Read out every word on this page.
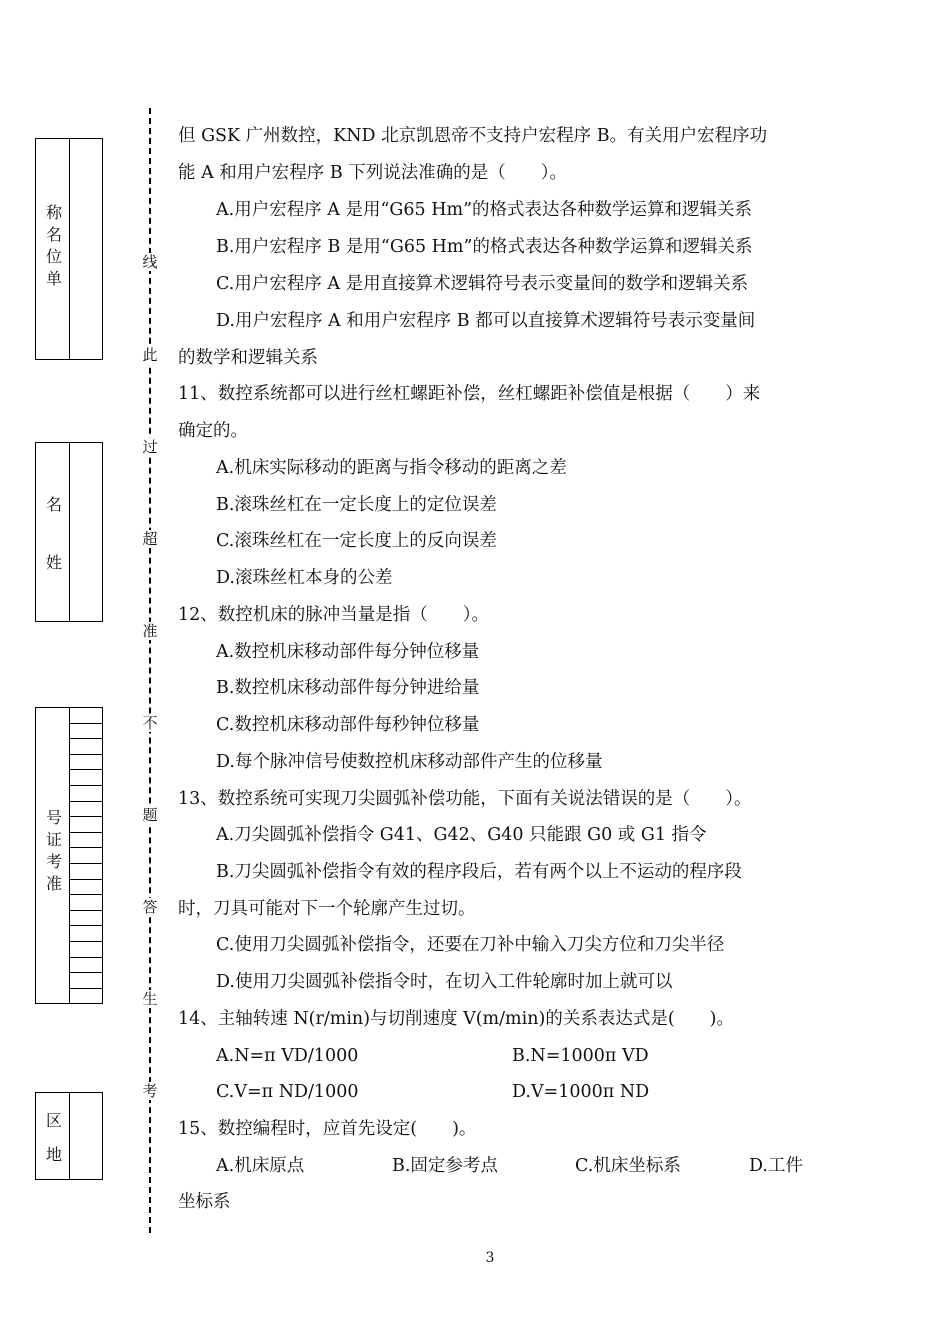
称
名
位
单
名
姓
号
证
考
准
区
地
线
此
过
超
准
不
题
答
生
考
但 GSK 广州数控，KND 北京凯恩帝不支持户宏程序 B。有关用户宏程序功
能 A 和用户宏程序 B 下列说法准确的是（　　）。
A.用户宏程序 A 是用“G65 Hm”的格式表达各种数学运算和逻辑关系
B.用户宏程序 B 是用“G65 Hm”的格式表达各种数学运算和逻辑关系
C.用户宏程序 A 是用直接算术逻辑符号表示变量间的数学和逻辑关系
D.用户宏程序 A 和用户宏程序 B 都可以直接算术逻辑符号表示变量间
的数学和逻辑关系
11、数控系统都可以进行丝杠螺距补偿，丝杠螺距补偿值是根据（　　）来
确定的。
A.机床实际移动的距离与指令移动的距离之差
B.滚珠丝杠在一定长度上的定位误差
C.滚珠丝杠在一定长度上的反向误差
D.滚珠丝杠本身的公差
12、数控机床的脉冲当量是指（　　）。
A.数控机床移动部件每分钟位移量
B.数控机床移动部件每分钟进给量
C.数控机床移动部件每秒钟位移量
D.每个脉冲信号使数控机床移动部件产生的位移量
13、数控系统可实现刀尖圆弧补偿功能，下面有关说法错误的是（　　）。
A.刀尖圆弧补偿指令 G41、G42、G40 只能跟 G0 或 G1 指令
B.刀尖圆弧补偿指令有效的程序段后，若有两个以上不运动的程序段
时，刀具可能对下一个轮廓产生过切。
C.使用刀尖圆弧补偿指令，还要在刀补中输入刀尖方位和刀尖半径
D.使用刀尖圆弧补偿指令时，在切入工件轮廓时加上就可以
14、主轴转速 N(r/min)与切削速度 V(m/min)的关系表达式是(　　)。
A.N=π VD/1000	B.N=1000π VD
C.V=π ND/1000	D.V=1000π ND
15、数控编程时，应首先设定(　　)。
A.机床原点	B.固定参考点	C.机床坐标系	D.工件
坐标系
3
